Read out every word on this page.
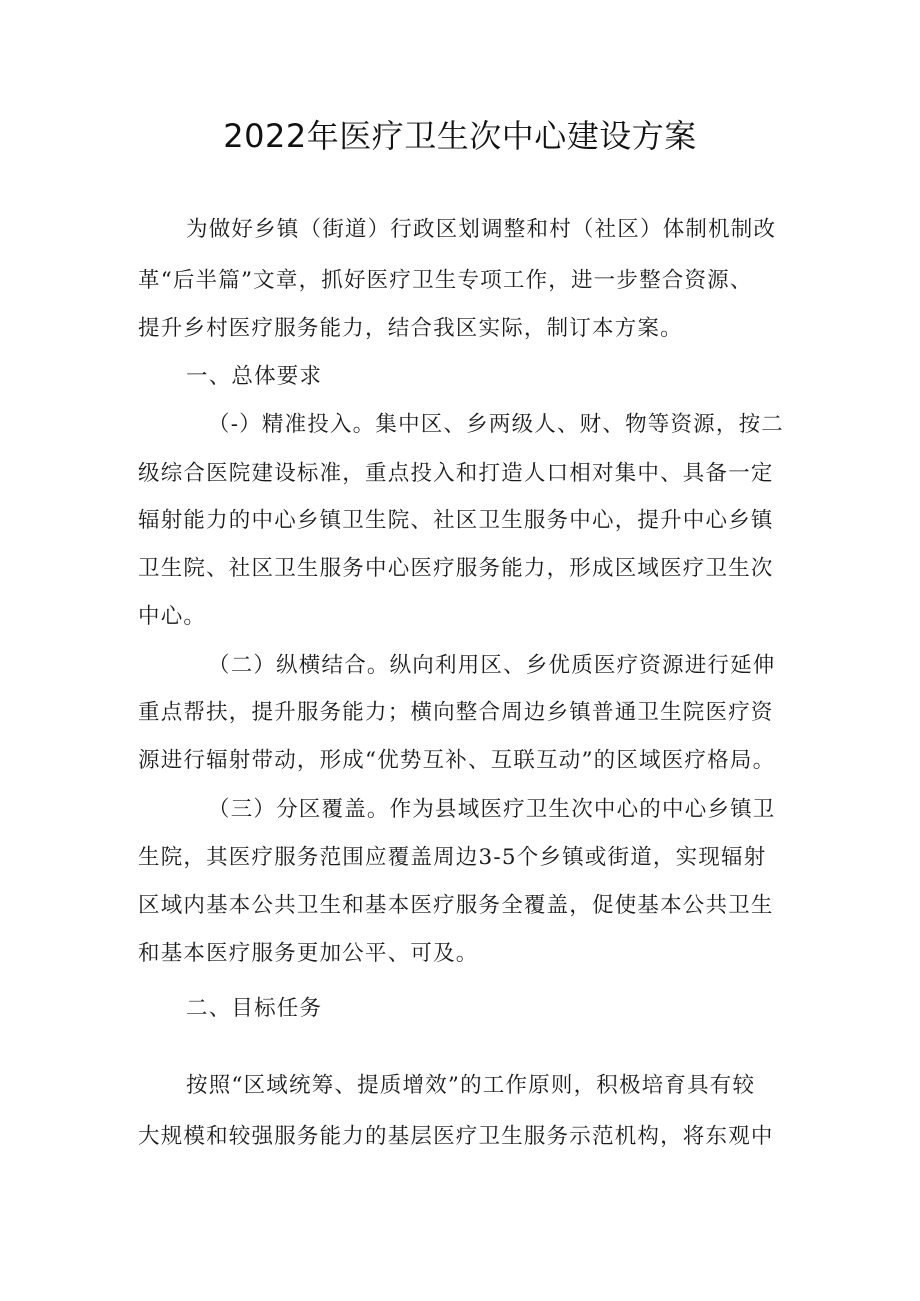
2022年医疗卫生次中心建设方案
为做好乡镇（街道）行政区划调整和村（社区）体制机制改
革“后半篇”文章，抓好医疗卫生专项工作，进一步整合资源、
提升乡村医疗服务能力，结合我区实际，制订本方案。
一、总体要求
（-）精准投入。集中区、乡两级人、财、物等资源，按二
级综合医院建设标准，重点投入和打造人口相对集中、具备一定
辐射能力的中心乡镇卫生院、社区卫生服务中心，提升中心乡镇
卫生院、社区卫生服务中心医疗服务能力，形成区域医疗卫生次
中心。
（二）纵横结合。纵向利用区、乡优质医疗资源进行延伸
重点帮扶，提升服务能力；横向整合周边乡镇普通卫生院医疗资
源进行辐射带动，形成“优势互补、互联互动”的区域医疗格局。
（三）分区覆盖。作为县域医疗卫生次中心的中心乡镇卫
生院，其医疗服务范围应覆盖周边3-5个乡镇或街道，实现辐射
区域内基本公共卫生和基本医疗服务全覆盖，促使基本公共卫生
和基本医疗服务更加公平、可及。
二、目标任务
按照“区域统筹、提质增效”的工作原则，积极培育具有较
大规模和较强服务能力的基层医疗卫生服务示范机构，将东观中
